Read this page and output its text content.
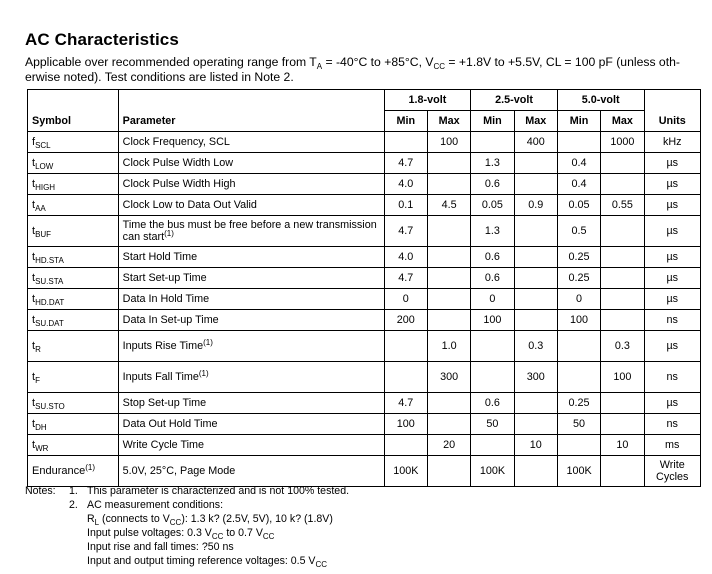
AC Characteristics
Applicable over recommended operating range from $T_A = -40^\circ C$ to +85°C, $V_{CC} = +1.8V$ to +5.5V, CL = 100 pF (unless oth-erwise noted). Test conditions are listed in Note 2.
		1.8-volt		2.5-volt		5.0-volt		
Symbol	Parameter	Min	Max	Min	Max	Min	Max	Units
$f_{SCL}$	Clock Frequency, SCL		100		400		1000	kHz
$t_{LOW}$	Clock Pulse Width Low	4.7		1.3		0.4		µs
$t_{HIGH}$	Clock Pulse Width High	4.0		0.6		0.4		µs
$t_{AA}$	Clock Low to Data Out Valid	0.1	4.5	0.05	0.9	0.05	0.55	µs
$t_{BUF}$	Time the bus must be free before a new transmission can start$^{(1)}$	4.7		1.3		0.5		µs
$t_{HD.STA}$	Start Hold Time	4.0		0.6		0.25		µs
$t_{SU.STA}$	Start Set-up Time	4.7		0.6		0.25		µs
$t_{HD.DAT}$	Data In Hold Time	0		0		0		µs
$t_{SU.DAT}$	Data In Set-up Time	200		100		100		ns
$t_R$	Inputs Rise Time$^{(1)}$		1.0		0.3		0.3	µs
$t_F$	Inputs Fall Time$^{(1)}$		300		300		100	ns
$t_{SU.STO}$	Stop Set-up Time	4.7		0.6		0.25		µs
$t_{DH}$	Data Out Hold Time	100		50		50		ns
$t_{WR}$	Write Cycle Time		20		10		10	ms
Endurance$^{(1)}$	5.0V, 25°C, Page Mode	100K		100K		100K		Write Cycles
Notes:	1. This parameter is characterized and is not 100% tested.
2. AC measurement conditions:
$R_L$ (connects to $V_{CC}$): 1.3 k? (2.5V, 5V), 10 k? (1.8V)
Input pulse voltages: 0.3 $V_{CC}$ to 0.7 $V_{CC}$
Input rise and fall times: ?50 ns
Input and output timing reference voltages: 0.5 $V_{CC}$
